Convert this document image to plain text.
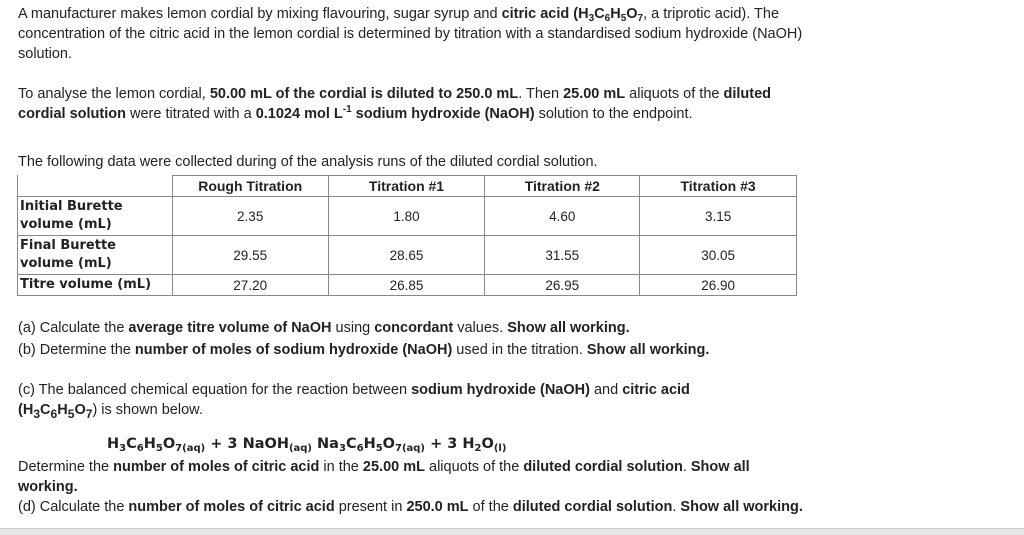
A manufacturer makes lemon cordial by mixing flavouring, sugar syrup and citric acid ($H_3C_6H_5O_7$, a triprotic acid). The concentration of the citric acid in the lemon cordial is determined by titration with a standardised sodium hydroxide (NaOH) solution.

To analyse the lemon cordial, 50.00 mL of the cordial is diluted to 250.0 mL. Then 25.00 mL aliquots of the diluted cordial solution were titrated with a 0.1024 mol $L^{-1}$ sodium hydroxide (NaOH) solution to the endpoint.

The following data were collected during of the analysis runs of the diluted cordial solution.

	Rough Titration	Titration #1	Titration #2	Titration #3
Initial Burette volume (mL)	2.35	1.80	4.60	3.15
Final Burette volume (mL)	29.55	28.65	31.55	30.05
Titre volume (mL)	27.20	26.85	26.95	26.90

(a) Calculate the average titre volume of NaOH using concordant values. Show all working.

(b) Determine the number of moles of sodium hydroxide (NaOH) used in the titration. Show all working.

(c) The balanced chemical equation for the reaction between sodium hydroxide (NaOH) and citric acid
$(H_3C_6H_5O_7)$ is shown below.

$H_3C_6H_5O_{7(aq)} + 3$ NaOH$_{(aq)}$ $Na_3C_6H_5O_{7(aq)} + 3$ $H_2O_{(l)}$

Determine the number of moles of citric acid in the 25.00 mL aliquots of the diluted cordial solution. Show all working.

(d) Calculate the number of moles of citric acid present in 250.0 mL of the diluted cordial solution. Show all working.
